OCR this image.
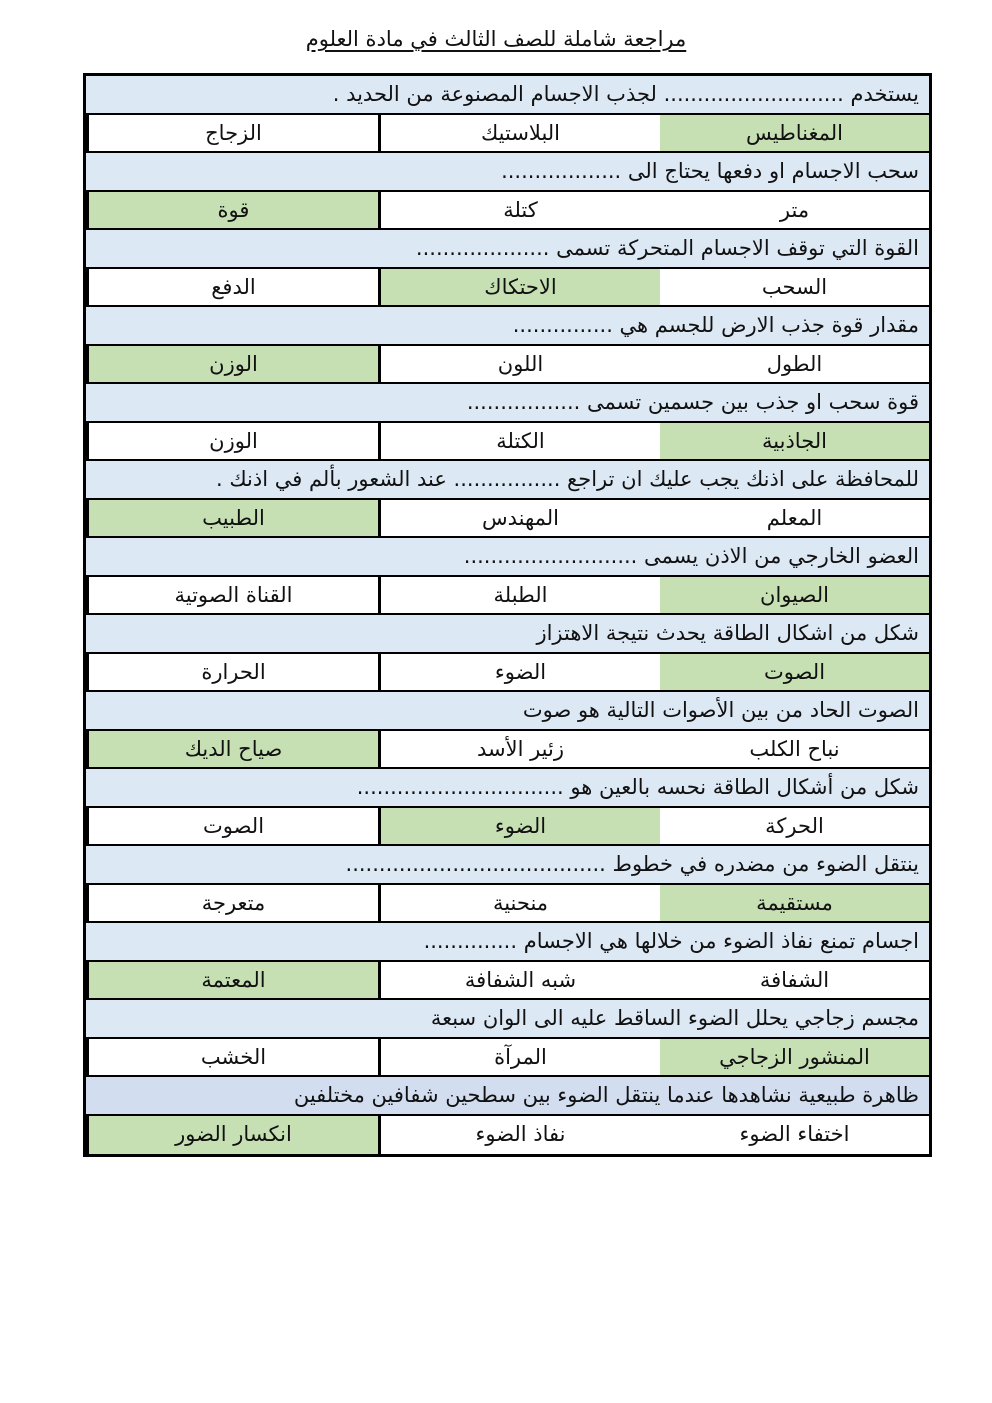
مراجعة شاملة للصف الثالث في مادة العلوم
يستخدم ........................... لجذب الاجسام المصنوعة من الحديد .
المغناطيس
البلاستيك
الزجاج
سحب الاجسام او دفعها يحتاج الى ..................
متر
كتلة
قوة
القوة التي توقف الاجسام المتحركة تسمى ....................
السحب
الاحتكاك
الدفع
مقدار قوة جذب الارض للجسم هي ...............
الطول
اللون
الوزن
قوة سحب او جذب بين جسمين تسمى .................
الجاذبية
الكتلة
الوزن
للمحافظة على اذنك يجب عليك ان تراجع ................ عند الشعور بألم في اذنك .
المعلم
المهندس
الطبيب
العضو الخارجي من الاذن يسمى ..........................
الصيوان
الطبلة
القناة الصوتية
شكل من اشكال الطاقة يحدث نتيجة الاهتزاز
الصوت
الضوء
الحرارة
الصوت الحاد من بين الأصوات التالية هو صوت
نباح الكلب
زئير الأسد
صياح الديك
شكل من أشكال الطاقة نحسه بالعين هو ...............................
الحركة
الضوء
الصوت
ينتقل الضوء من مضدره في خطوط .......................................
مستقيمة
منحنية
متعرجة
اجسام تمنع نفاذ الضوء من خلالها هي الاجسام ..............
الشفافة
شبه الشفافة
المعتمة
مجسم زجاجي يحلل الضوء الساقط عليه الى الوان سبعة
المنشور الزجاجي
المرآة
الخشب
ظاهرة طبيعية نشاهدها عندما ينتقل الضوء بين سطحين شفافين مختلفين
اختفاء الضوء
نفاذ الضوء
انكسار الضور
